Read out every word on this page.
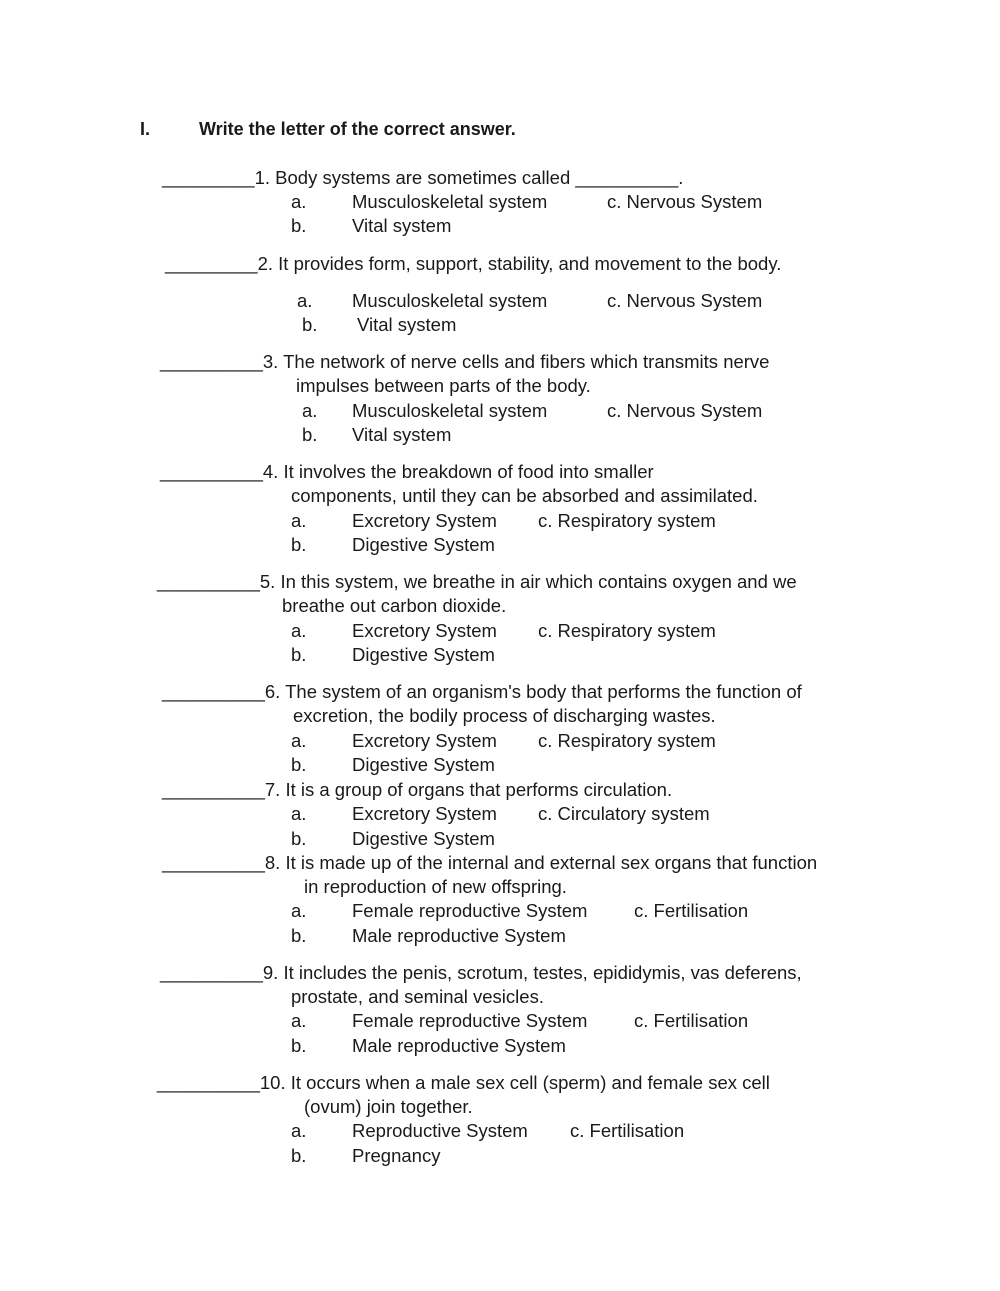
I.	Write the letter of the correct answer.
_________1. Body systems are sometimes called __________.
a. Musculoskeletal system	c. Nervous System
b. Vital system
_________2. It provides form, support, stability, and movement to the body.
a. Musculoskeletal system	c. Nervous System
b. Vital system
__________3. The network of nerve cells and fibers which transmits nerve
impulses between parts of the body.
a. Musculoskeletal system	c. Nervous System
b. Vital system
__________4. It involves the breakdown of food into smaller
components, until they can be absorbed and assimilated.
a. Excretory System c. Respiratory system
b. Digestive System
__________5. In this system, we breathe in air which contains oxygen and we
breathe out carbon dioxide.
a. Excretory System c. Respiratory system
b. Digestive System
__________6. The system of an organism's body that performs the function of
excretion, the bodily process of discharging wastes.
a. Excretory System c. Respiratory system
b. Digestive System
__________7. It is a group of organs that performs circulation.
a. Excretory System c. Circulatory system
b. Digestive System
__________8. It is made up of the internal and external sex organs that function
in reproduction of new offspring.
a. Female reproductive System	c. Fertilisation
b. Male reproductive System
__________9. It includes the penis, scrotum, testes, epididymis, vas deferens,
prostate, and seminal vesicles.
a. Female reproductive System	c. Fertilisation
b. Male reproductive System
__________10. It occurs when a male sex cell (sperm) and female sex cell
(ovum) join together.
a. Reproductive System c. Fertilisation
b. Pregnancy
